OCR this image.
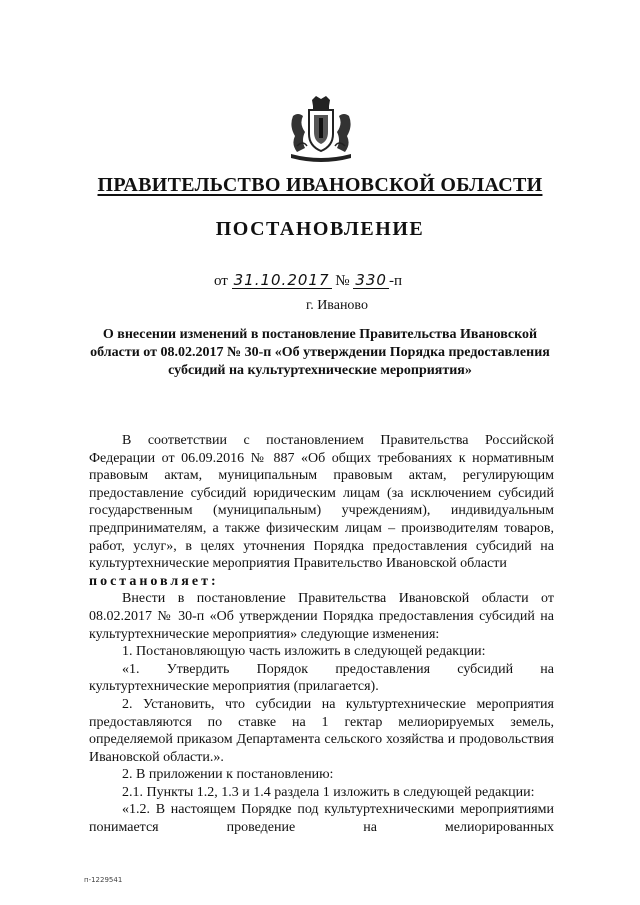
ПРАВИТЕЛЬСТВО ИВАНОВСКОЙ ОБЛАСТИ
ПОСТАНОВЛЕНИЕ
от 31.10.2017 № 330 -п
г. Иваново

О внесении изменений в постановление Правительства Ивановской области от 08.02.2017 № 30-п «Об утверждении Порядка предоставления субсидий на культуртехнические мероприятия»

В соответствии с постановлением Правительства Российской Федерации от 06.09.2016 № 887 «Об общих требованиях к нормативным правовым актам, муниципальным правовым актам, регулирующим предоставление субсидий юридическим лицам (за исключением субсидий государственным (муниципальным) учреждениям), индивидуальным предпринимателям, а также физическим лицам – производителям товаров, работ, услуг», в целях уточнения Порядка предоставления субсидий на культуртехнические мероприятия Правительство Ивановской области

постановляет:

Внести в постановление Правительства Ивановской области от 08.02.2017 № 30-п «Об утверждении Порядка предоставления субсидий на культуртехнические мероприятия» следующие изменения:

1. Постановляющую часть изложить в следующей редакции:

«1. Утвердить Порядок предоставления субсидий на культуртехнические мероприятия (прилагается).

2. Установить, что субсидии на культуртехнические мероприятия предоставляются по ставке на 1 гектар мелиорируемых земель, определяемой приказом Департамента сельского хозяйства и продовольствия Ивановской области.».

2. В приложении к постановлению:

2.1. Пункты 1.2, 1.3 и 1.4 раздела 1 изложить в следующей редакции:

«1.2. В настоящем Порядке под культуртехническими мероприятиями понимается проведение на мелиорированных

п-1229541
